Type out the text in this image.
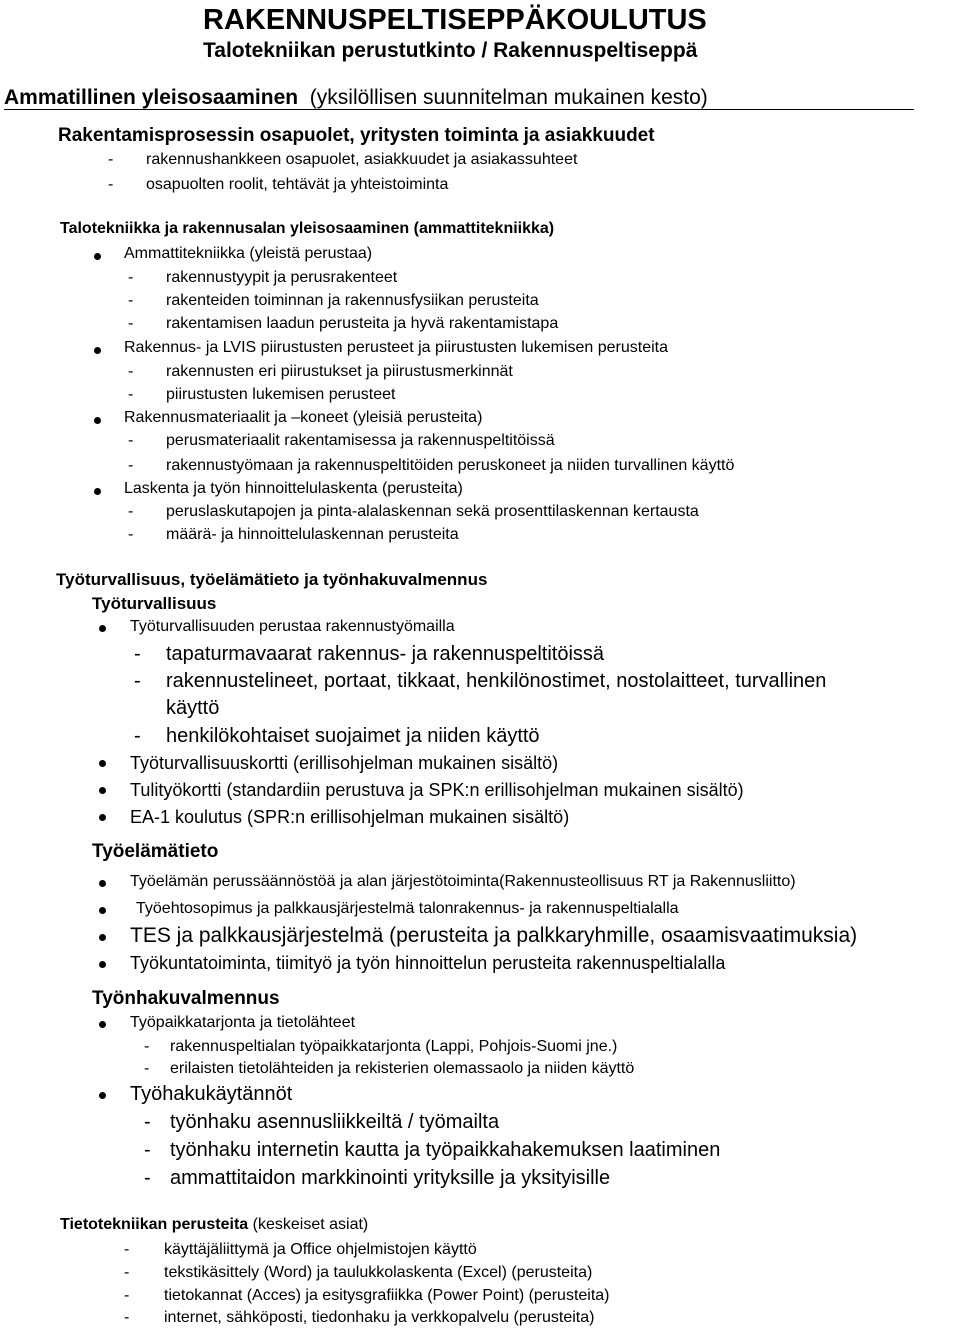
RAKENNUSPELTISEPPÄKOULUTUS
Talotekniikan perustutkinto / Rakennuspeltiseppä
Ammatillinen yleisosaaminen (yksilöllisen suunnitelman mukainen kesto)
Rakentamisprosessin osapuolet, yritysten toiminta ja asiakkuudet
- rakennushankkeen osapuolet, asiakkuudet ja asiakassuhteet
- osapuolten roolit, tehtävät ja yhteistoiminta
Talotekniikka ja rakennusalan yleisosaaminen (ammattitekniikka)
Ammattitekniikka (yleistä perustaa)
- rakennustyypit ja perusrakenteet
- rakenteiden toiminnan ja rakennusfysiikan perusteita
- rakentamisen laadun perusteita ja hyvä rakentamistapa
Rakennus- ja LVIS piirustusten perusteet ja piirustusten lukemisen perusteita
- rakennusten eri piirustukset ja piirustusmerkinnät
- piirustusten lukemisen perusteet
Rakennusmateriaalit ja –koneet (yleisiä perusteita)
- perusmateriaalit rakentamisessa ja rakennuspeltitöissä
- rakennustyömaan ja rakennuspeltitöiden peruskoneet ja niiden turvallinen käyttö
Laskenta ja työn hinnoittelulaskenta (perusteita)
- peruslaskutapojen ja pinta-alalaskennan sekä prosenttilaskennan kertausta
- määrä- ja hinnoittelulaskennan perusteita
Työturvallisuus, työelämätieto ja työnhakuvalmennus
Työturvallisuus
Työturvallisuuden perustaa rakennustyömailla
- tapaturmavaarat rakennus- ja rakennuspeltitöissä
- rakennustelineet, portaat, tikkaat, henkilönostimet, nostolaitteet, turvallinen
käyttö
- henkilökohtaiset suojaimet ja niiden käyttö
Työturvallisuuskortti (erillisohjelman mukainen sisältö)
Tulityökortti (standardiin perustuva ja SPK:n erillisohjelman mukainen sisältö)
EA-1 koulutus (SPR:n erillisohjelman mukainen sisältö)
Työelämätieto
Työelämän perussäännöstöä ja alan järjestötoiminta(Rakennusteollisuus RT ja Rakennusliitto)
Työehtosopimus ja palkkausjärjestelmä talonrakennus- ja rakennuspeltialalla
TES ja palkkausjärjestelmä (perusteita ja palkkaryhmille, osaamisvaatimuksia)
Työkuntatoiminta, tiimityö ja työn hinnoittelun perusteita rakennuspeltialalla
Työnhakuvalmennus
Työpaikkatarjonta ja tietolähteet
- rakennuspeltialan työpaikkatarjonta (Lappi, Pohjois-Suomi jne.)
- erilaisten tietolähteiden ja rekisterien olemassaolo ja niiden käyttö
Työhakukäytännöt
- työnhaku asennusliikkeiltä / työmailta
- työnhaku internetin kautta ja työpaikkahakemuksen laatiminen
- ammattitaidon markkinointi yrityksille ja yksityisille
Tietotekniikan perusteita (keskeiset asiat)
- käyttäjäliittymä ja Office ohjelmistojen käyttö
- tekstikäsittely (Word) ja taulukkolaskenta (Excel) (perusteita)
- tietokannat (Acces) ja esitysgrafiikka (Power Point) (perusteita)
- internet, sähköposti, tiedonhaku ja verkkopalvelu (perusteita)
